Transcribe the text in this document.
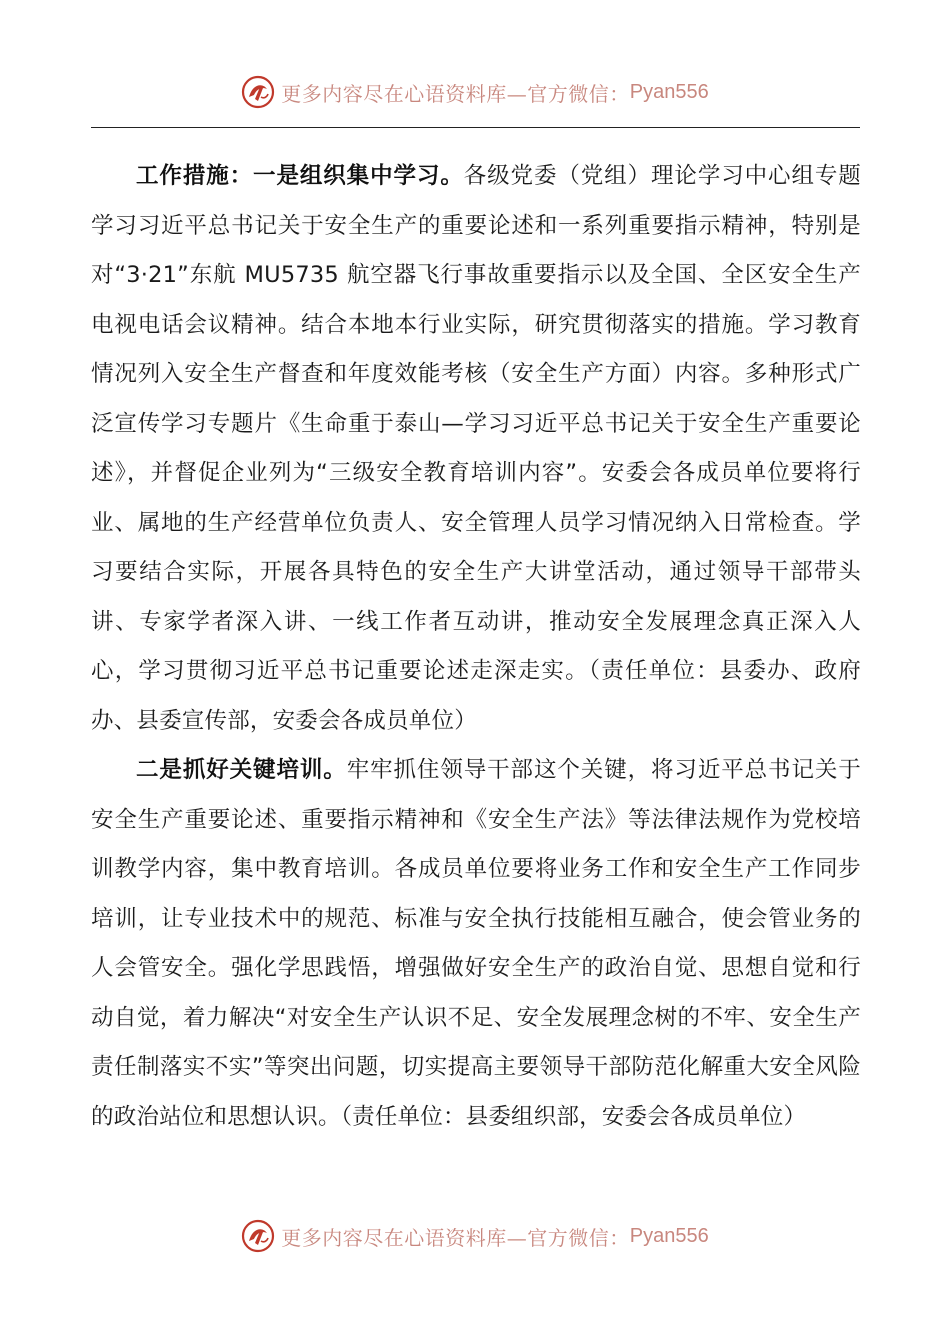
更多内容尽在心语资料库—官方微信： Pyan556

工作措施：一是组织集中学习。各级党委（党组）理论学习中心组专题学习习近平总书记关于安全生产的重要论述和一系列重要指示精神，特别是对“3·21”东航 MU5735 航空器飞行事故重要指示以及全国、全区安全生产电视电话会议精神。结合本地本行业实际，研究贯彻落实的措施。学习教育情况列入安全生产督查和年度效能考核（安全生产方面）内容。多种形式广泛宣传学习专题片《生命重于泰山—学习习近平总书记关于安全生产重要论述》，并督促企业列为“三级安全教育培训内容”。安委会各成员单位要将行业、属地的生产经营单位负责人、安全管理人员学习情况纳入日常检查。学习要结合实际，开展各具特色的安全生产大讲堂活动，通过领导干部带头讲、专家学者深入讲、一线工作者互动讲，推动安全发展理念真正深入人心，学习贯彻习近平总书记重要论述走深走实。（责任单位：县委办、政府办、县委宣传部，安委会各成员单位）

二是抓好关键培训。牢牢抓住领导干部这个关键，将习近平总书记关于安全生产重要论述、重要指示精神和《安全生产法》等法律法规作为党校培训教学内容，集中教育培训。各成员单位要将业务工作和安全生产工作同步培训，让专业技术中的规范、标准与安全执行技能相互融合，使会管业务的人会管安全。强化学思践悟，增强做好安全生产的政治自觉、思想自觉和行动自觉，着力解决“对安全生产认识不足、安全发展理念树的不牢、安全生产责任制落实不实”等突出问题，切实提高主要领导干部防范化解重大安全风险的政治站位和思想认识。（责任单位：县委组织部，安委会各成员单位）

更多内容尽在心语资料库—官方微信： Pyan556
